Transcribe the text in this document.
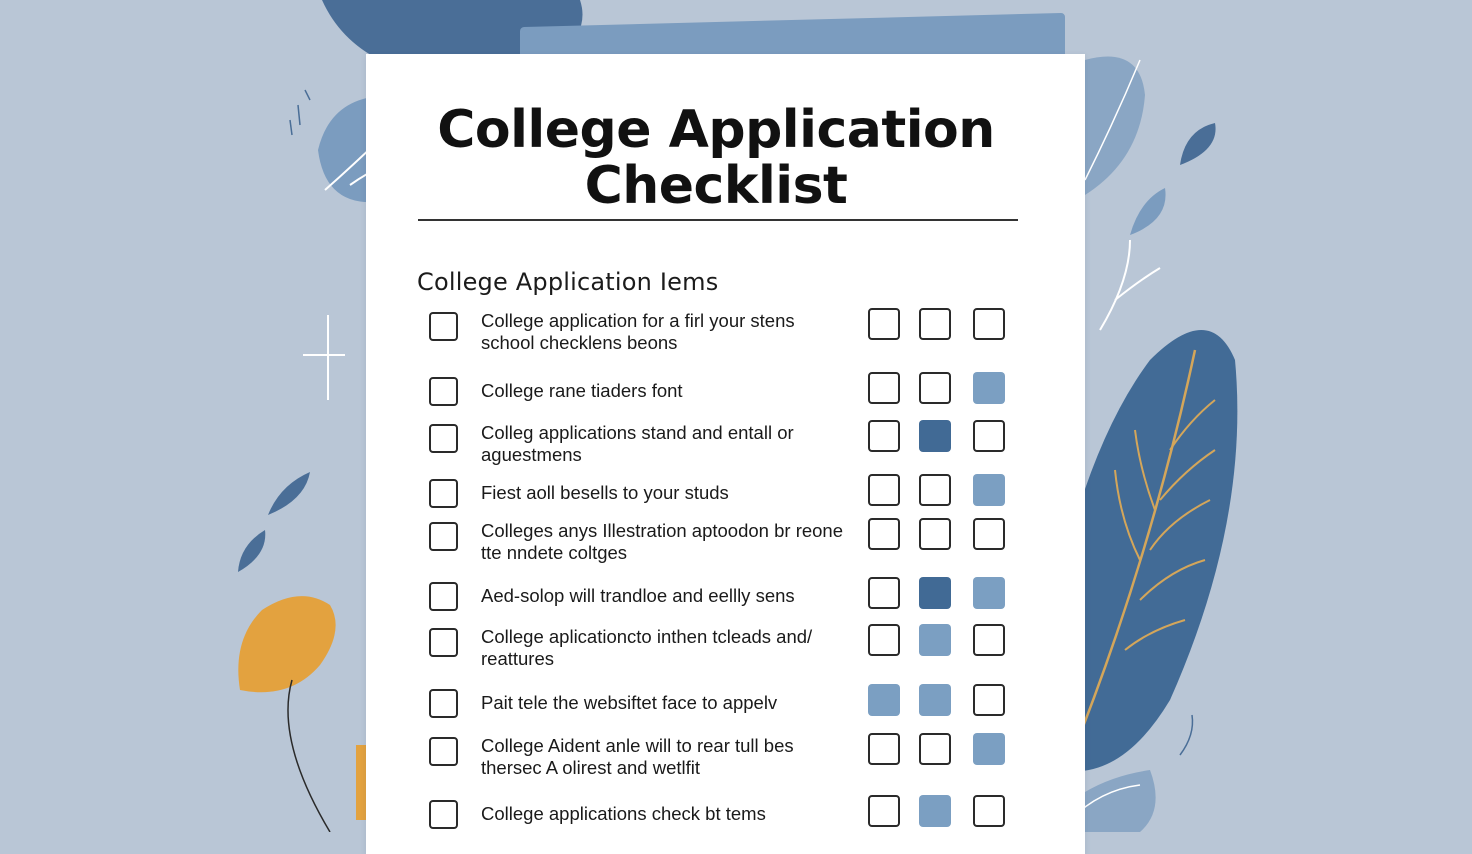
College Application
Checklist
College Application Iems
College application for a firl your stens school checklens beons
College rane tiaders font
Colleg applications stand and entall or aguestmens
Fiest aoll besells to your studs
Colleges anys Illestration aptoodon br reone tte nndete coltges
Aed-solop will trandloe and eellly sens
College aplicationcto inthen tcleads and/ reattures
Pait tele the websiftet face to appelv
College Aident anle will to rear tull bes thersec A olirest and wetlfit
College applications check bt tems
